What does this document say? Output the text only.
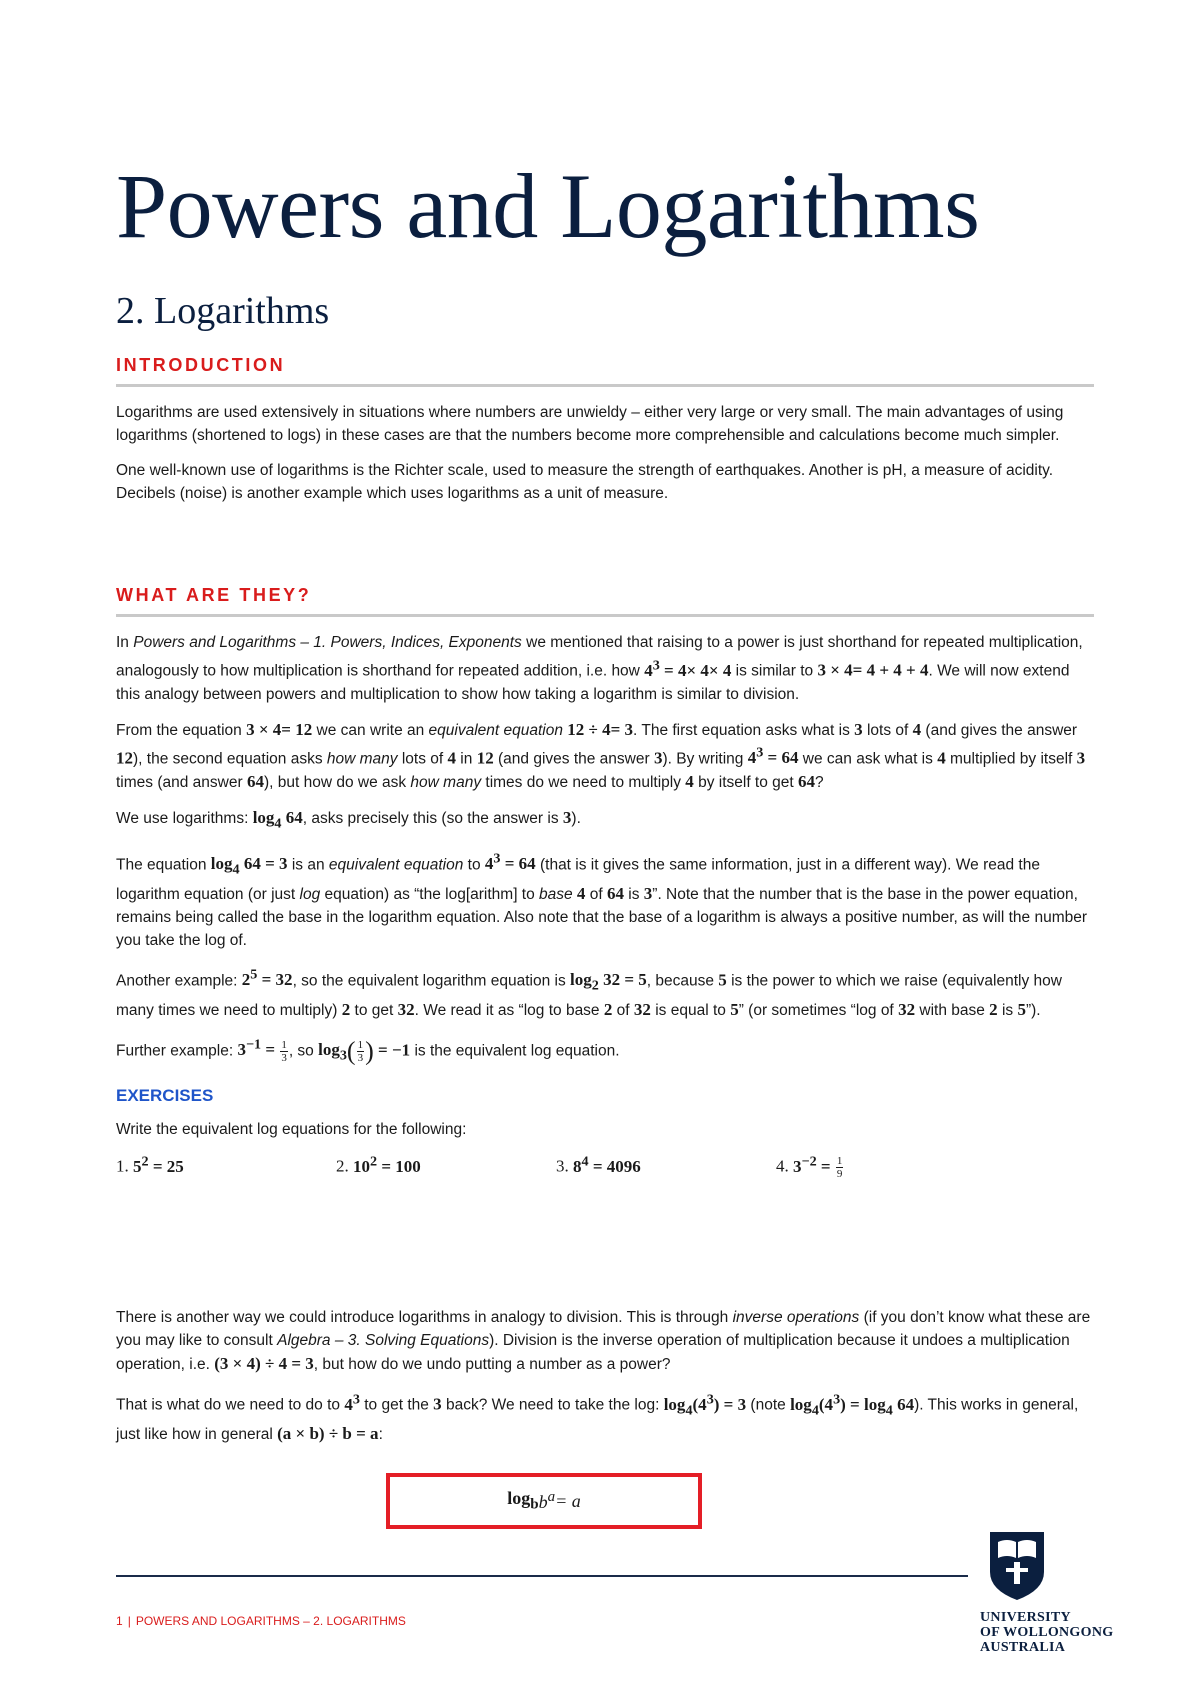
Powers and Logarithms
2. Logarithms
INTRODUCTION

Logarithms are used extensively in situations where numbers are unwieldy – either very large or very small. The main advantages of using logarithms (shortened to logs) in these cases are that the numbers become more comprehensible and calculations become much simpler.

One well-known use of logarithms is the Richter scale, used to measure the strength of earthquakes. Another is pH, a measure of acidity. Decibels (noise) is another example which uses logarithms as a unit of measure.

WHAT ARE THEY?

In Powers and Logarithms – 1. Powers, Indices, Exponents we mentioned that raising to a power is just shorthand for repeated multiplication, analogously to how multiplication is shorthand for repeated addition, i.e. how $4^3 = 4\times 4\times 4$ is similar to 3 × 4= 4 + 4 + 4. We will now extend this analogy between powers and multiplication to show how taking a logarithm is similar to division.

From the equation 3 × 4= 12 we can write an equivalent equation 12 ÷ 4= 3. The first equation asks what is 3 lots of 4 (and gives the answer 12), the second equation asks how many lots of 4 in 12 (and gives the answer 3). By writing $4^3 = 64$ we can ask what is 4 multiplied by itself 3 times (and answer 64), but how do we ask how many times do we need to multiply 4 by itself to get 64?

We use logarithms: $\log_4 64$, asks precisely this (so the answer is 3).

The equation $\log_4 64 = 3$ is an equivalent equation to $4^3 = 64$ (that is it gives the same information, just in a different way). We read the logarithm equation (or just log equation) as “the log[arithm] to base 4 of 64 is 3”. Note that the number that is the base in the power equation, remains being called the base in the logarithm equation. Also note that the base of a logarithm is always a positive number, as will the number you take the log of.

Another example: $2^5 = 32$, so the equivalent logarithm equation is $\log_2 32 = 5$, because 5 is the power to which we raise (equivalently how many times we need to multiply) 2 to get 32. We read it as “log to base 2 of 32 is equal to 5” (or sometimes “log of 32 with base 2 is 5”).

Further example: $3^{-1} = \frac{1}{3}$ , so $\log_3( \frac{1}{3}$ ) = −1 is the equivalent log equation.

EXERCISES

Write the equivalent log equations for the following:

1. $5^2 = 25$	2. $10^2 = 100$	3. $8^4 = 4096$	4. $3^{-2} = \frac{1}{9}$

There is another way we could introduce logarithms in analogy to division. This is through inverse operations (if you don’t know what these are you may like to consult Algebra – 3. Solving Equations). Division is the inverse operation of multiplication because it undoes a multiplication operation, i.e. (3 × 4) ÷ 4 = 3, but how do we undo putting a number as a power?

That is what do we need to do to $4^3$ to get the 3 back? We need to take the log: $\log_4(4^3) = 3$ (note $\log_4(4^3) = \log_4 64$). This works in general, just like how in general (a × b) ÷ b = a:

$\log_b b^a = a$
1 | POWERS AND LOGARITHMS – 2. LOGARITHMS	UNIVERSITY
OF WOLLONGONG
AUSTRALIA
